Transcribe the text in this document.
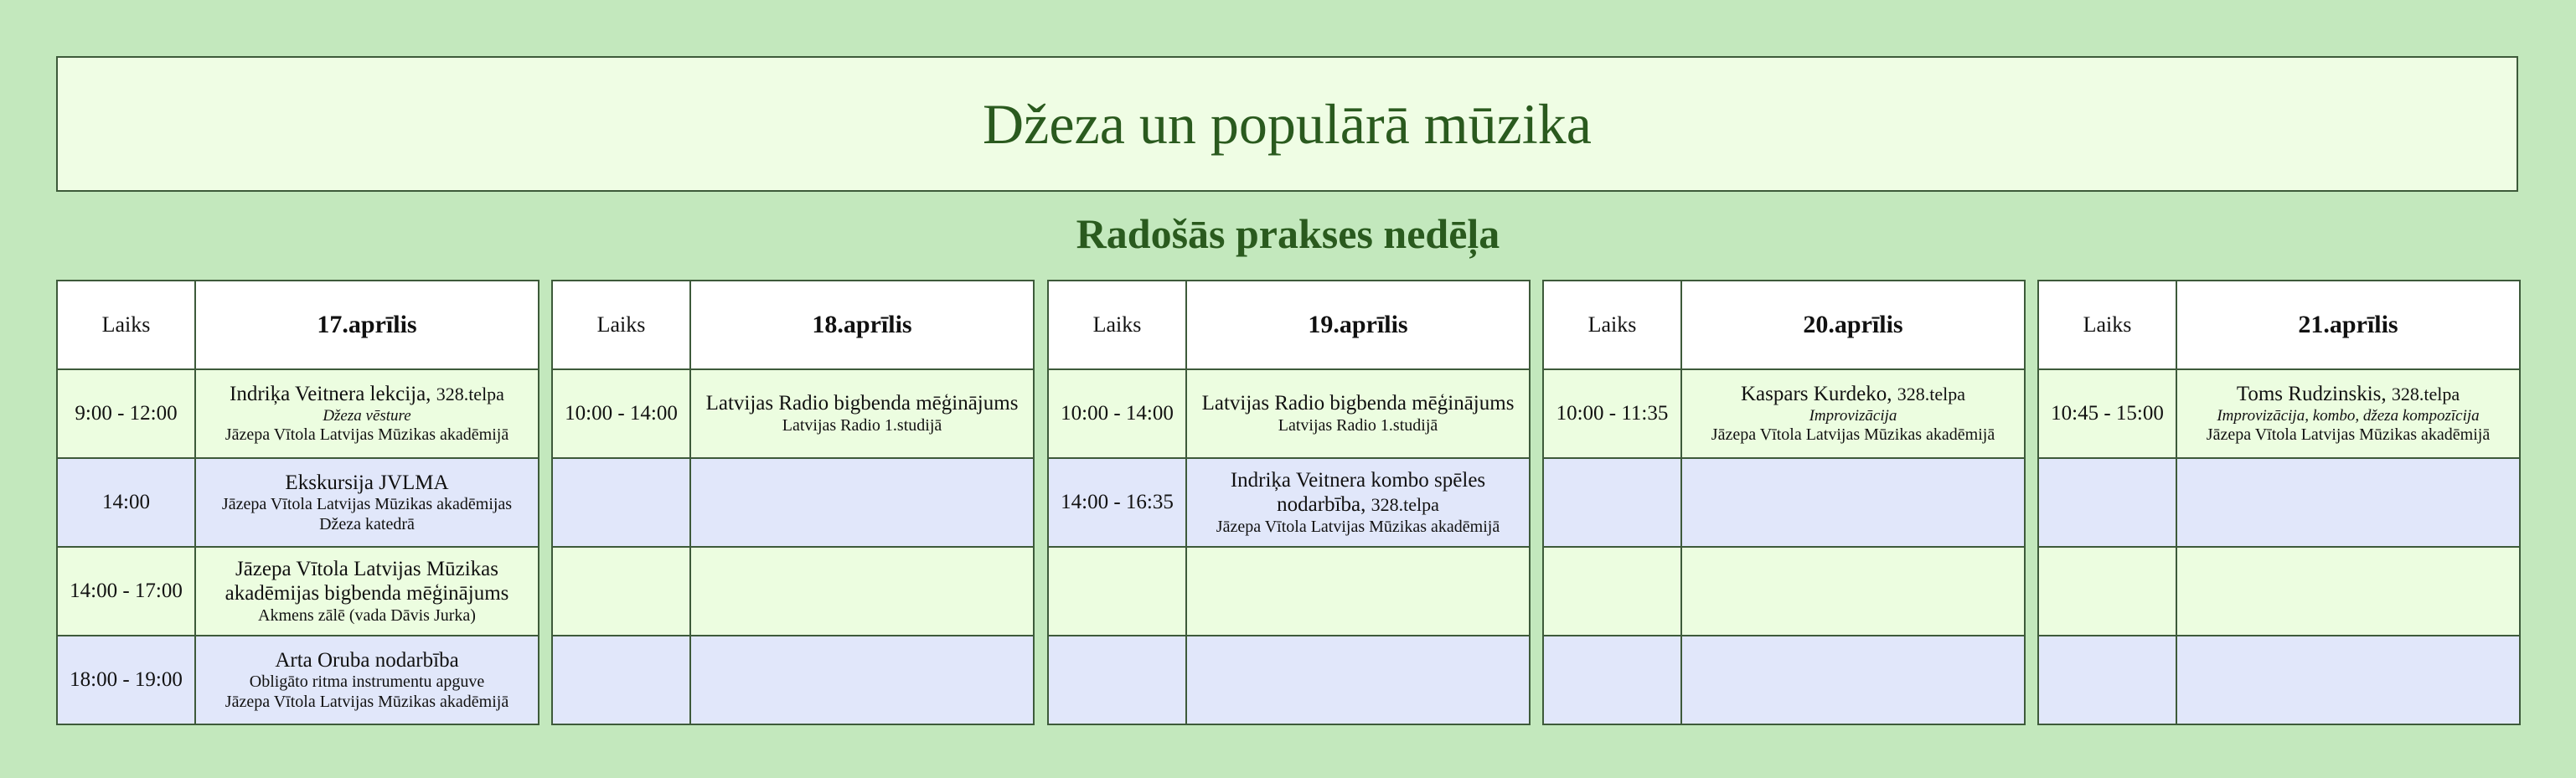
Džeza un populārā mūzika
Radošās prakses nedēļa
Laiks	17.aprīlis
9:00 - 12:00	Indriķa Veitnera lekcija, 328.telpa
Džeza vēsture
Jāzepa Vītola Latvijas Mūzikas akadēmijā

14:00	Ekskursija JVLMA
Jāzepa Vītola Latvijas Mūzikas akadēmijas Džeza katedrā

14:00 - 17:00	Jāzepa Vītola Latvijas Mūzikas akadēmijas bigbenda mēģinājums
Akmens zālē (vada Dāvis Jurka)

18:00 - 19:00	Arta Oruba nodarbība
Obligāto ritma instrumentu apguve
Jāzepa Vītola Latvijas Mūzikas akadēmijā
Laiks	18.aprīlis
10:00 - 14:00	Latvijas Radio bigbenda mēģinājums
Latvijas Radio 1.studijā

Laiks	19.aprīlis
10:00 - 14:00	Latvijas Radio bigbenda mēģinājums
Latvijas Radio 1.studijā

14:00 - 16:35	Indriķa Veitnera kombo spēles nodarbība, 328.telpa
Jāzepa Vītola Latvijas Mūzikas akadēmijā

Laiks	20.aprīlis
10:00 - 11:35	Kaspars Kurdeko, 328.telpa
Improvizācija
Jāzepa Vītola Latvijas Mūzikas akadēmijā

Laiks	21.aprīlis
10:45 - 15:00	Toms Rudzinskis, 328.telpa
Improvizācija, kombo, džeza kompozīcija
Jāzepa Vītola Latvijas Mūzikas akadēmijā
